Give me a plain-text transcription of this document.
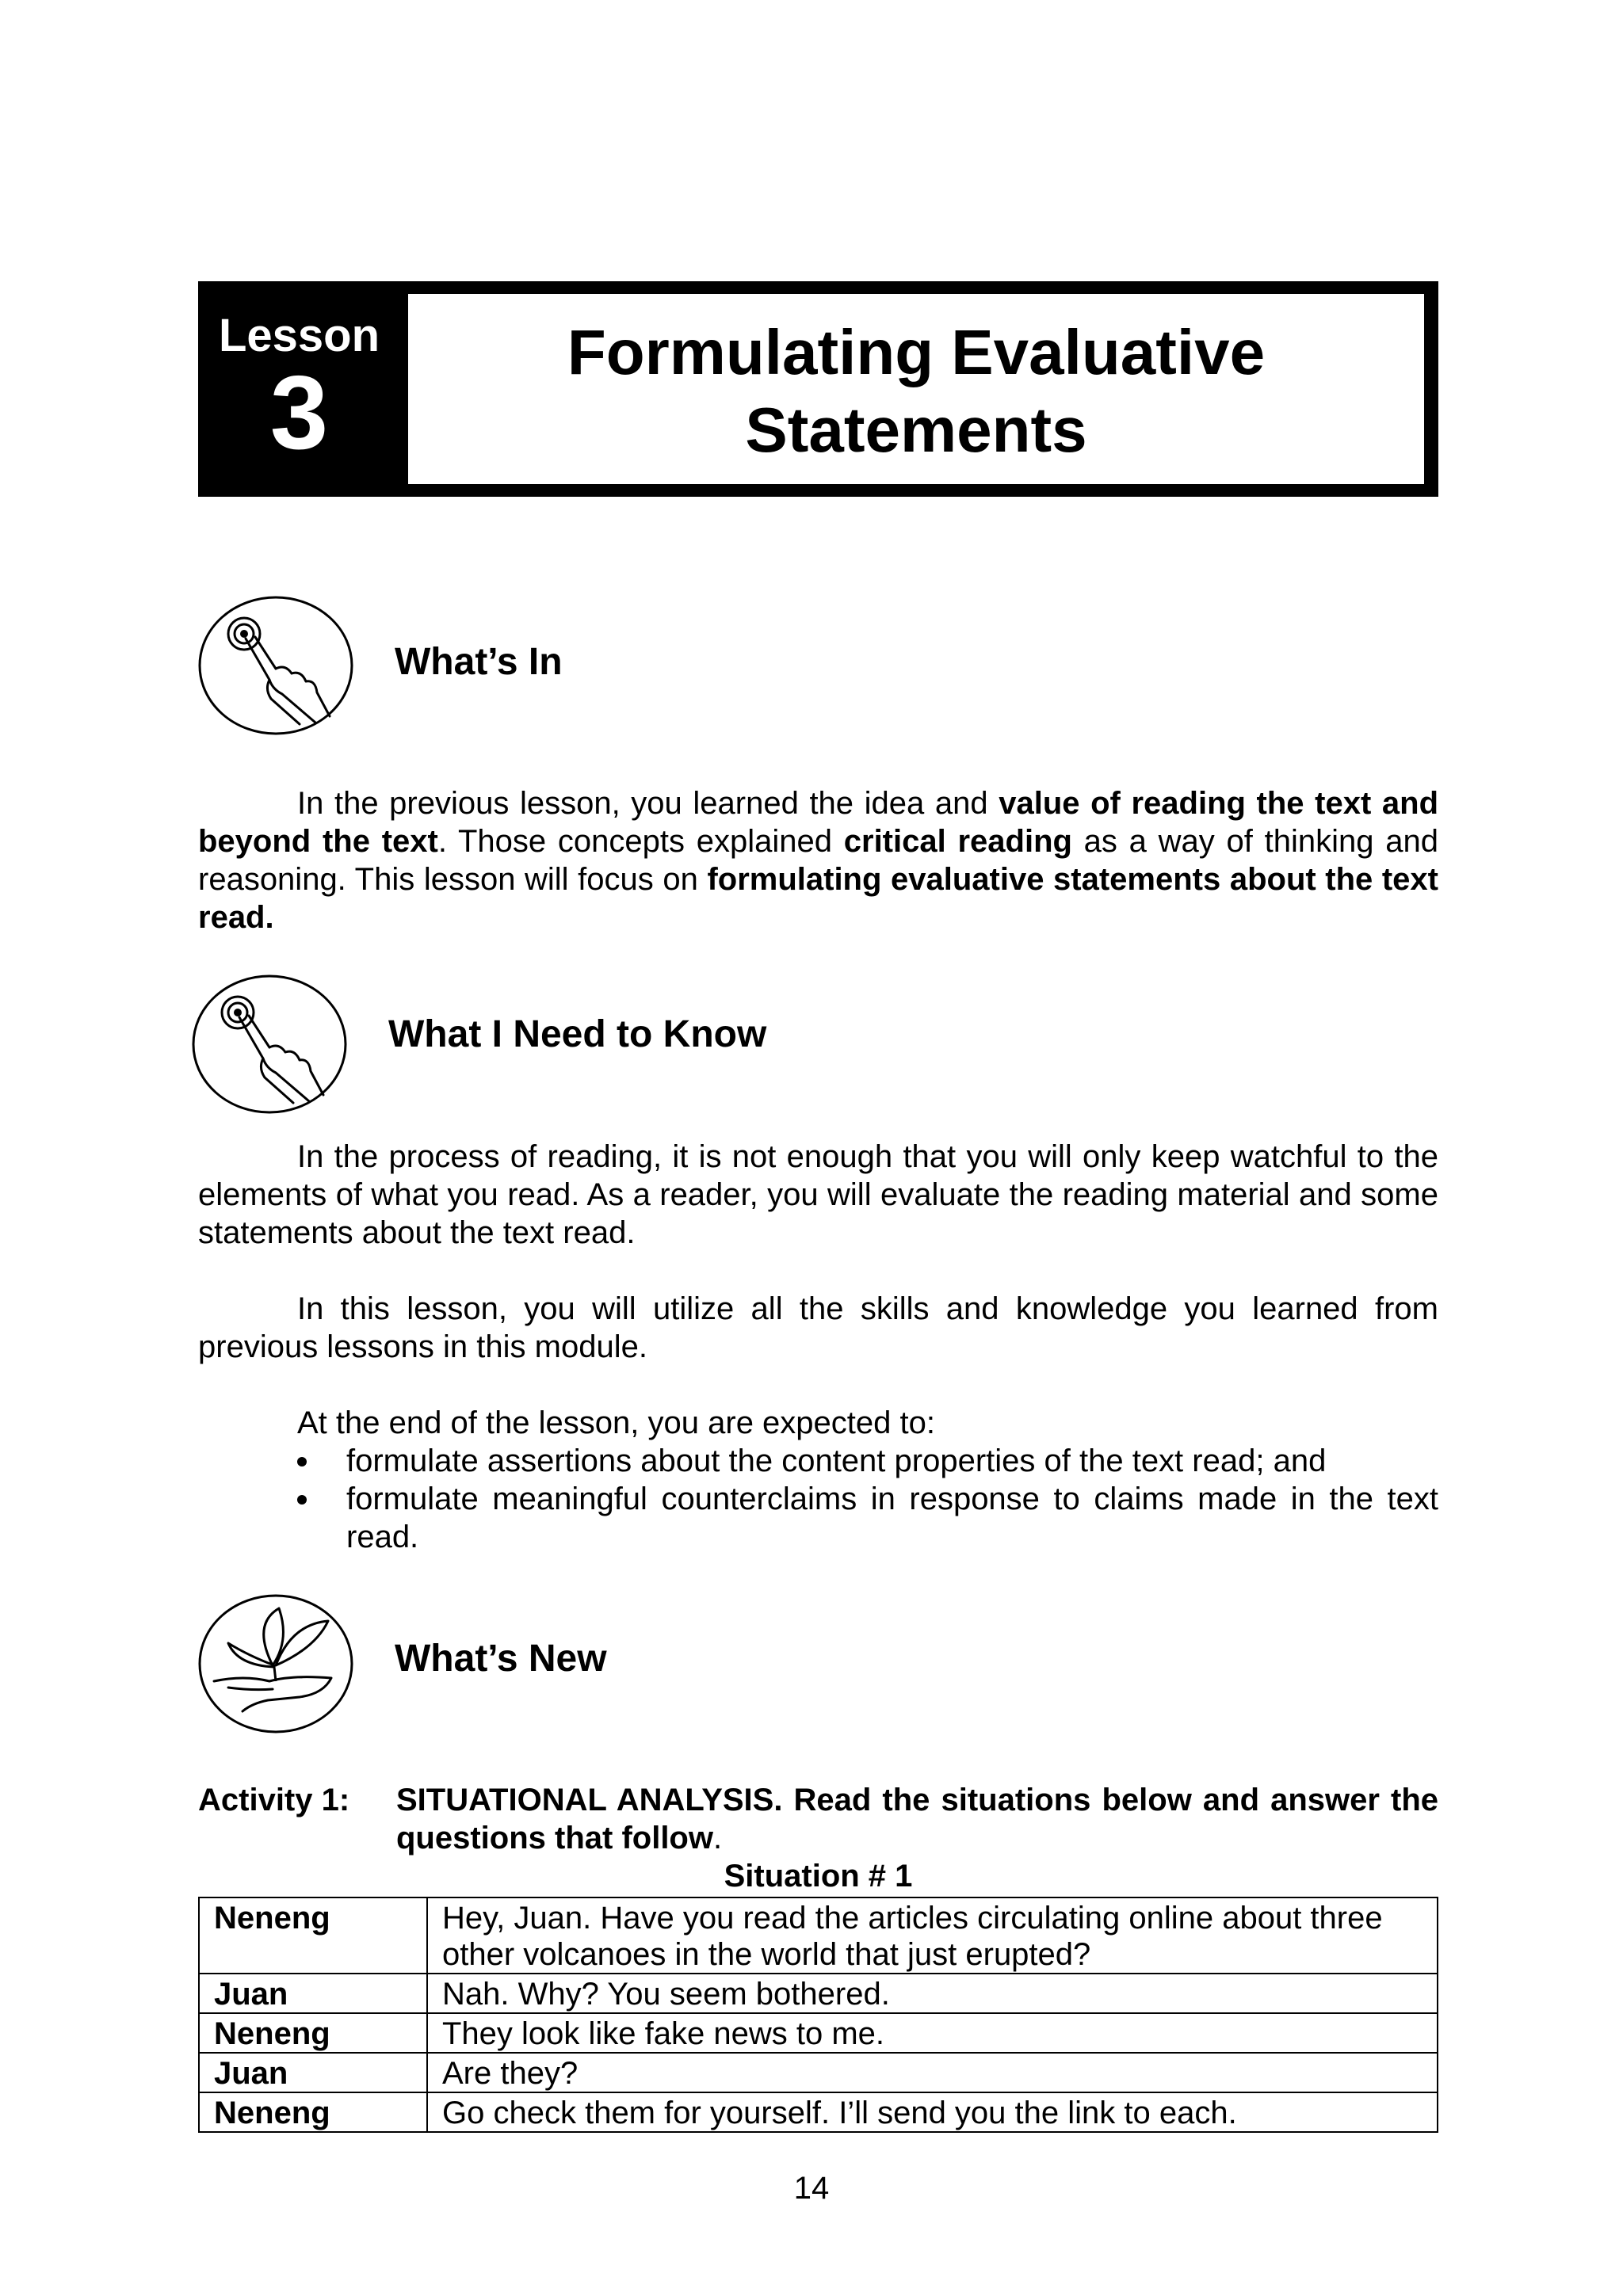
Lesson
3
Formulating Evaluative
Statements
What’s In
In the previous lesson, you learned the idea and value of reading the text and beyond the text. Those concepts explained critical reading as a way of thinking and reasoning. This lesson will focus on formulating evaluative statements about the text read.
What I Need to Know
In the process of reading, it is not enough that you will only keep watchful to the elements of what you read. As a reader, you will evaluate the reading material and some statements about the text read.
In this lesson, you will utilize all the skills and knowledge you learned from previous lessons in this module.
At the end of the lesson, you are expected to:
formulate assertions about the content properties of the text read; and
formulate meaningful counterclaims in response to claims made in the text read.
What’s New
Activity 1: SITUATIONAL ANALYSIS. Read the situations below and answer the questions that follow.
Situation # 1
Neneng	Hey, Juan. Have you read the articles circulating online about three other volcanoes in the world that just erupted?
Juan	Nah. Why? You seem bothered.
Neneng	They look like fake news to me.
Juan	Are they?
Neneng	Go check them for yourself. I’ll send you the link to each.
14
